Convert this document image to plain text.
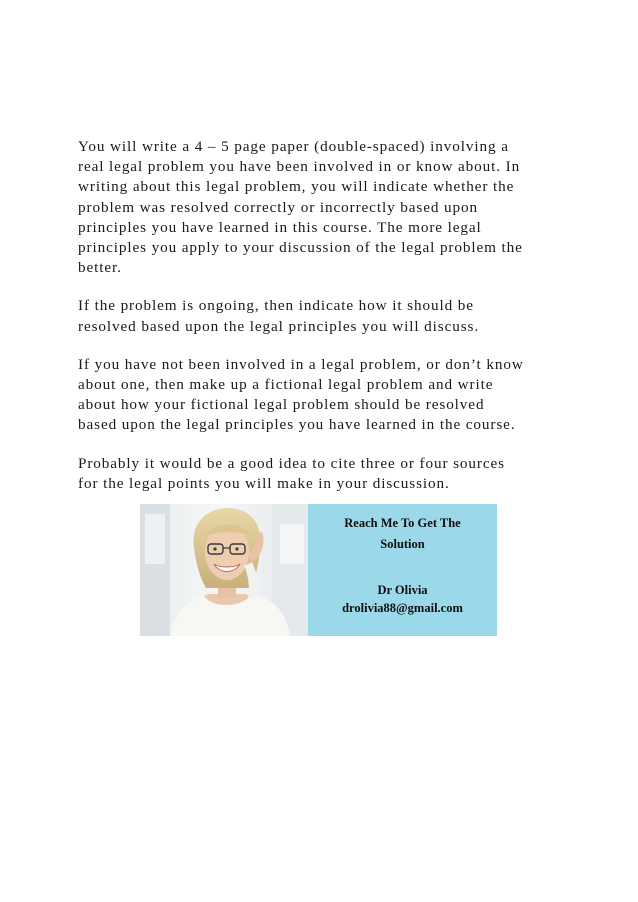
You will write a 4 – 5 page paper (double-spaced) involving a
real legal problem you have been involved in or know about. In
writing about this legal problem, you will indicate whether the
problem was resolved correctly or incorrectly based upon
principles you have learned in this course. The more legal
principles you apply to your discussion of the legal problem the
better.

If the problem is ongoing, then indicate how it should be
resolved based upon the legal principles you will discuss.

If you have not been involved in a legal problem, or don’t know
about one, then make up a fictional legal problem and write
about how your fictional legal problem should be resolved
based upon the legal principles you have learned in the course.

Probably it would be a good idea to cite three or four sources
for the legal points you will make in your discussion.

Reach Me To Get The
Solution
Dr Olivia
drolivia88@gmail.com
